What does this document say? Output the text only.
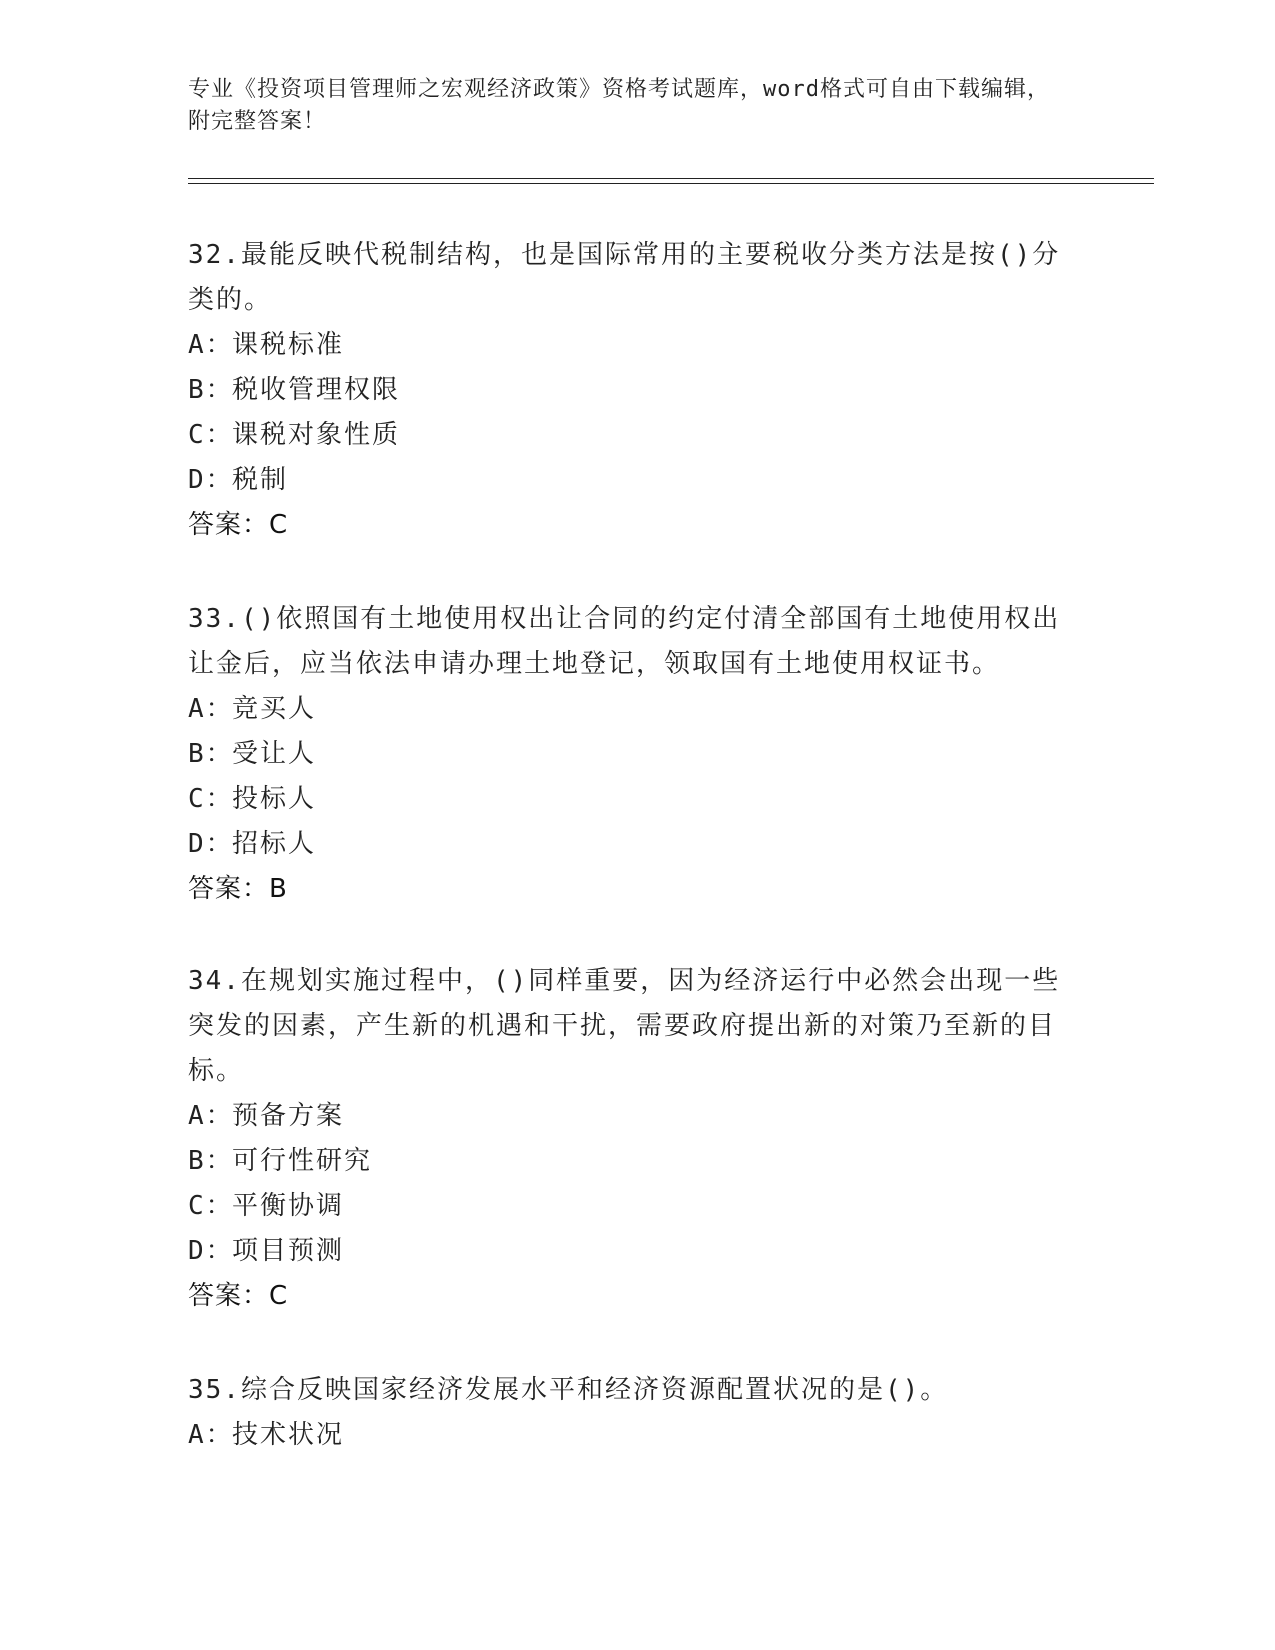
专业《投资项目管理师之宏观经济政策》资格考试题库，word格式可自由下载编辑，附完整答案！
32.最能反映代税制结构，也是国际常用的主要税收分类方法是按()分类的。
A：课税标准
B：税收管理权限
C：课税对象性质
D：税制
答案：C
33.()依照国有土地使用权出让合同的约定付清全部国有土地使用权出让金后，应当依法申请办理土地登记，领取国有土地使用权证书。
A：竞买人
B：受让人
C：投标人
D：招标人
答案：B
34.在规划实施过程中，()同样重要，因为经济运行中必然会出现一些突发的因素，产生新的机遇和干扰，需要政府提出新的对策乃至新的目标。
A：预备方案
B：可行性研究
C：平衡协调
D：项目预测
答案：C
35.综合反映国家经济发展水平和经济资源配置状况的是()。
A：技术状况
